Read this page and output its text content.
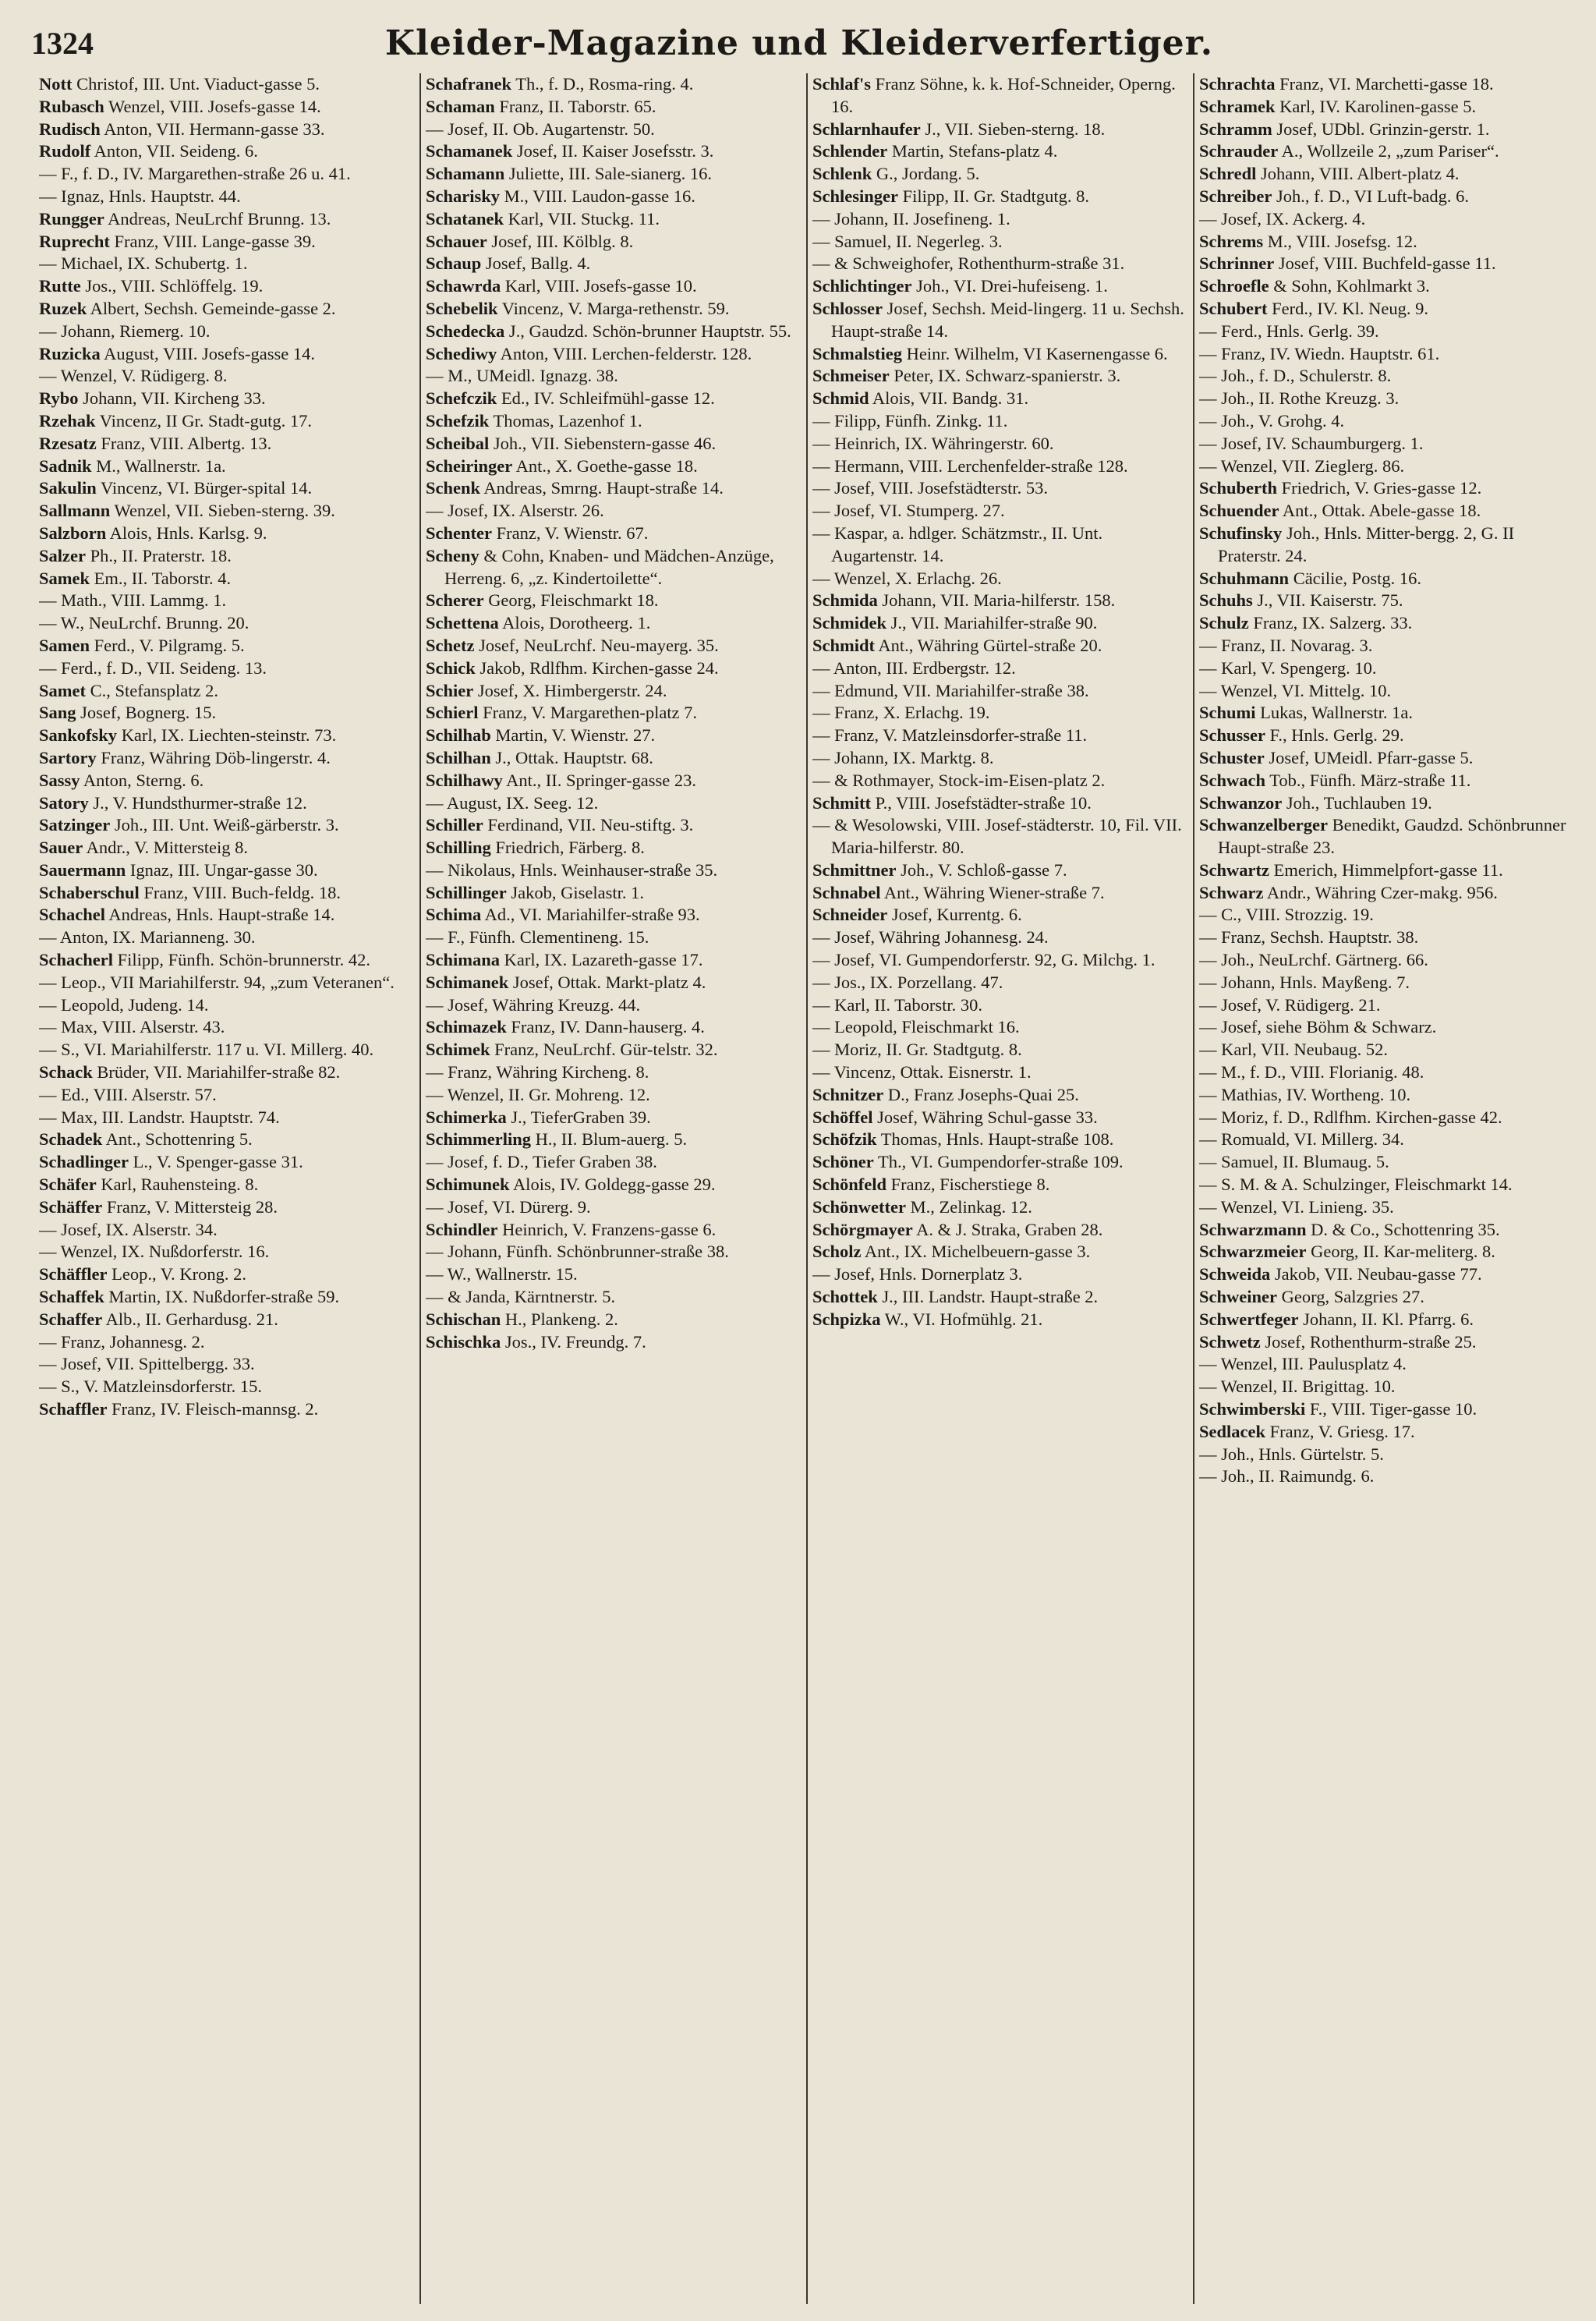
1324	Kleider-Magazine und Kleiderverfertiger.

Nott Christof, III. Unt. Viaduct-gasse 5.

Rubasch Wenzel, VIII. Josefs-gasse 14.

Rudisch Anton, VII. Hermann-gasse 33.

Rudolf Anton, VII. Seideng. 6.

— F., f. D., IV. Margarethen-straße 26 u. 41.

— Ignaz, Hnls. Hauptstr. 44.

Rungger Andreas, NeuLrchf Brunng. 13.

Ruprecht Franz, VIII. Lange-gasse 39.

— Michael, IX. Schubertg. 1.

Rutte Jos., VIII. Schlöffelg. 19.

Ruzek Albert, Sechsh. Gemeinde-gasse 2.

— Johann, Riemerg. 10.

Ruzicka August, VIII. Josefs-gasse 14.

— Wenzel, V. Rüdigerg. 8.

Rybo Johann, VII. Kircheng 33.

Rzehak Vincenz, II Gr. Stadt-gutg. 17.

Rzesatz Franz, VIII. Albertg. 13.

Sadnik M., Wallnerstr. 1a.

Sakulin Vincenz, VI. Bürger-spital 14.

Sallmann Wenzel, VII. Sieben-sterng. 39.

Salzborn Alois, Hnls. Karlsg. 9.

Salzer Ph., II. Praterstr. 18.

Samek Em., II. Taborstr. 4.

— Math., VIII. Lammg. 1.

— W., NeuLrchf. Brunng. 20.

Samen Ferd., V. Pilgramg. 5.

— Ferd., f. D., VII. Seideng. 13.

Samet C., Stefansplatz 2.

Sang Josef, Bognerg. 15.

Sankofsky Karl, IX. Liechten-steinstr. 73.

Sartory Franz, Währing Döb-lingerstr. 4.

Sassy Anton, Sterng. 6.

Satory J., V. Hundsthurmer-straße 12.

Satzinger Joh., III. Unt. Weiß-gärberstr. 3.

Sauer Andr., V. Mittersteig 8.

Sauermann Ignaz, III. Ungar-gasse 30.

Schaberschul Franz, VIII. Buch-feldg. 18.

Schachel Andreas, Hnls. Haupt-straße 14.

— Anton, IX. Marianneng. 30.

Schacherl Filipp, Fünfh. Schön-brunnerstr. 42.

— Leop., VII Mariahilferstr. 94, „zum Veteranen“.

— Leopold, Judeng. 14.

— Max, VIII. Alserstr. 43.

— S., VI. Mariahilferstr. 117 u. VI. Millerg. 40.

Schack Brüder, VII. Mariahilfer-straße 82.

— Ed., VIII. Alserstr. 57.

— Max, III. Landstr. Hauptstr. 74.

Schadek Ant., Schottenring 5.

Schadlinger L., V. Spenger-gasse 31.

Schäfer Karl, Rauhensteing. 8.

Schäffer Franz, V. Mittersteig 28.

— Josef, IX. Alserstr. 34.

— Wenzel, IX. Nußdorferstr. 16.

Schäffler Leop., V. Krong. 2.

Schaffek Martin, IX. Nußdorfer-straße 59.

Schaffer Alb., II. Gerhardusg. 21.

— Franz, Johannesg. 2.

— Josef, VII. Spittelbergg. 33.

— S., V. Matzleinsdorferstr. 15.

Schaffler Franz, IV. Fleisch-mannsg. 2.

Schafranek Th., f. D., Rosma-ring. 4.

Schaman Franz, II. Taborstr. 65.

— Josef, II. Ob. Augartenstr. 50.

Schamanek Josef, II. Kaiser Josefsstr. 3.

Schamann Juliette, III. Sale-sianerg. 16.

Scharisky M., VIII. Laudon-gasse 16.

Schatanek Karl, VII. Stuckg. 11.

Schauer Josef, III. Kölblg. 8.

Schaup Josef, Ballg. 4.

Schawrda Karl, VIII. Josefs-gasse 10.

Schebelik Vincenz, V. Marga-rethenstr. 59.

Schedecka J., Gaudzd. Schön-brunner Hauptstr. 55.

Schediwy Anton, VIII. Lerchen-felderstr. 128.

— M., UMeidl. Ignazg. 38.

Schefczik Ed., IV. Schleifmühl-gasse 12.

Schefzik Thomas, Lazenhof 1.

Scheibal Joh., VII. Siebenstern-gasse 46.

Scheiringer Ant., X. Goethe-gasse 18.

Schenk Andreas, Smrng. Haupt-straße 14.

— Josef, IX. Alserstr. 26.

Schenter Franz, V. Wienstr. 67.

Scheny & Cohn, Knaben- und Mädchen-Anzüge, Herreng. 6, „z. Kindertoilette“.

Scherer Georg, Fleischmarkt 18.

Schettena Alois, Dorotheerg. 1.

Schetz Josef, NeuLrchf. Neu-mayerg. 35.

Schick Jakob, Rdlfhm. Kirchen-gasse 24.

Schier Josef, X. Himbergerstr. 24.

Schierl Franz, V. Margarethen-platz 7.

Schilhab Martin, V. Wienstr. 27.

Schilhan J., Ottak. Hauptstr. 68.

Schilhawy Ant., II. Springer-gasse 23.

— August, IX. Seeg. 12.

Schiller Ferdinand, VII. Neu-stiftg. 3.

Schilling Friedrich, Färberg. 8.

— Nikolaus, Hnls. Weinhauser-straße 35.

Schillinger Jakob, Giselastr. 1.

Schima Ad., VI. Mariahilfer-straße 93.

— F., Fünfh. Clementineng. 15.

Schimana Karl, IX. Lazareth-gasse 17.

Schimanek Josef, Ottak. Markt-platz 4.

— Josef, Währing Kreuzg. 44.

Schimazek Franz, IV. Dann-hauserg. 4.

Schimek Franz, NeuLrchf. Gür-telstr. 32.

— Franz, Währing Kircheng. 8.

— Wenzel, II. Gr. Mohreng. 12.

Schimerka J., TieferGraben 39.

Schimmerling H., II. Blum-auerg. 5.

— Josef, f. D., Tiefer Graben 38.

Schimunek Alois, IV. Goldegg-gasse 29.

— Josef, VI. Dürerg. 9.

Schindler Heinrich, V. Franzens-gasse 6.

— Johann, Fünfh. Schönbrunner-straße 38.

— W., Wallnerstr. 15.

— & Janda, Kärntnerstr. 5.

Schischan H., Plankeng. 2.

Schischka Jos., IV. Freundg. 7.

Schlaf's Franz Söhne, k. k. Hof-Schneider, Operng. 16.

Schlarnhaufer J., VII. Sieben-sterng. 18.

Schlender Martin, Stefans-platz 4.

Schlenk G., Jordang. 5.

Schlesinger Filipp, II. Gr. Stadtgutg. 8.

— Johann, II. Josefineng. 1.

— Samuel, II. Negerleg. 3.

— & Schweighofer, Rothenthurm-straße 31.

Schlichtinger Joh., VI. Drei-hufeiseng. 1.

Schlosser Josef, Sechsh. Meid-lingerg. 11 u. Sechsh. Haupt-straße 14.

Schmalstieg Heinr. Wilhelm, VI Kasernengasse 6.

Schmeiser Peter, IX. Schwarz-spanierstr. 3.

Schmid Alois, VII. Bandg. 31.

— Filipp, Fünfh. Zinkg. 11.

— Heinrich, IX. Währingerstr. 60.

— Hermann, VIII. Lerchenfelder-straße 128.

— Josef, VIII. Josefstädterstr. 53.

— Josef, VI. Stumperg. 27.

— Kaspar, a. hdlger. Schätzmstr., II. Unt. Augartenstr. 14.

— Wenzel, X. Erlachg. 26.

Schmida Johann, VII. Maria-hilferstr. 158.

Schmidek J., VII. Mariahilfer-straße 90.

Schmidt Ant., Währing Gürtel-straße 20.

— Anton, III. Erdbergstr. 12.

— Edmund, VII. Mariahilfer-straße 38.

— Franz, X. Erlachg. 19.

— Franz, V. Matzleinsdorfer-straße 11.

— Johann, IX. Marktg. 8.

— & Rothmayer, Stock-im-Eisen-platz 2.

Schmitt P., VIII. Josefstädter-straße 10.

— & Wesolowski, VIII. Josef-städterstr. 10, Fil. VII. Maria-hilferstr. 80.

Schmittner Joh., V. Schloß-gasse 7.

Schnabel Ant., Währing Wiener-straße 7.

Schneider Josef, Kurrentg. 6.

— Josef, Währing Johannesg. 24.

— Josef, VI. Gumpendorferstr. 92, G. Milchg. 1.

— Jos., IX. Porzellang. 47.

— Karl, II. Taborstr. 30.

— Leopold, Fleischmarkt 16.

— Moriz, II. Gr. Stadtgutg. 8.

— Vincenz, Ottak. Eisnerstr. 1.

Schnitzer D., Franz Josephs-Quai 25.

Schöffel Josef, Währing Schul-gasse 33.

Schöfzik Thomas, Hnls. Haupt-straße 108.

Schöner Th., VI. Gumpendorfer-straße 109.

Schönfeld Franz, Fischerstiege 8.

Schönwetter M., Zelinkag. 12.

Schörgmayer A. & J. Straka, Graben 28.

Scholz Ant., IX. Michelbeuern-gasse 3.

— Josef, Hnls. Dornerplatz 3.

Schottek J., III. Landstr. Haupt-straße 2.

Schpizka W., VI. Hofmühlg. 21.

Schrachta Franz, VI. Marchetti-gasse 18.

Schramek Karl, IV. Karolinen-gasse 5.

Schramm Josef, UDbl. Grinzin-gerstr. 1.

Schrauder A., Wollzeile 2, „zum Pariser“.

Schredl Johann, VIII. Albert-platz 4.

Schreiber Joh., f. D., VI Luft-badg. 6.

— Josef, IX. Ackerg. 4.

Schrems M., VIII. Josefsg. 12.

Schrinner Josef, VIII. Buchfeld-gasse 11.

Schroefle & Sohn, Kohlmarkt 3.

Schubert Ferd., IV. Kl. Neug. 9.

— Ferd., Hnls. Gerlg. 39.

— Franz, IV. Wiedn. Hauptstr. 61.

— Joh., f. D., Schulerstr. 8.

— Joh., II. Rothe Kreuzg. 3.

— Joh., V. Grohg. 4.

— Josef, IV. Schaumburgerg. 1.

— Wenzel, VII. Zieglerg. 86.

Schuberth Friedrich, V. Gries-gasse 12.

Schuender Ant., Ottak. Abele-gasse 18.

Schufinsky Joh., Hnls. Mitter-bergg. 2, G. II Praterstr. 24.

Schuhmann Cäcilie, Postg. 16.

Schuhs J., VII. Kaiserstr. 75.

Schulz Franz, IX. Salzerg. 33.

— Franz, II. Novarag. 3.

— Karl, V. Spengerg. 10.

— Wenzel, VI. Mittelg. 10.

Schumi Lukas, Wallnerstr. 1a.

Schusser F., Hnls. Gerlg. 29.

Schuster Josef, UMeidl. Pfarr-gasse 5.

Schwach Tob., Fünfh. März-straße 11.

Schwanzor Joh., Tuchlauben 19.

Schwanzelberger Benedikt, Gaudzd. Schönbrunner Haupt-straße 23.

Schwartz Emerich, Himmelpfort-gasse 11.

Schwarz Andr., Währing Czer-makg. 956.

— C., VIII. Strozzig. 19.

— Franz, Sechsh. Hauptstr. 38.

— Joh., NeuLrchf. Gärtnerg. 66.

— Johann, Hnls. Mayßeng. 7.

— Josef, V. Rüdigerg. 21.

— Josef, siehe Böhm & Schwarz.

— Karl, VII. Neubaug. 52.

— M., f. D., VIII. Florianig. 48.

— Mathias, IV. Wortheng. 10.

— Moriz, f. D., Rdlfhm. Kirchen-gasse 42.

— Romuald, VI. Millerg. 34.

— Samuel, II. Blumaug. 5.

— S. M. & A. Schulzinger, Fleischmarkt 14.

— Wenzel, VI. Linieng. 35.

Schwarzmann D. & Co., Schottenring 35.

Schwarzmeier Georg, II. Kar-meliterg. 8.

Schweida Jakob, VII. Neubau-gasse 77.

Schweiner Georg, Salzgries 27.

Schwertfeger Johann, II. Kl. Pfarrg. 6.

Schwetz Josef, Rothenthurm-straße 25.

— Wenzel, III. Paulusplatz 4.

— Wenzel, II. Brigittag. 10.

Schwimberski F., VIII. Tiger-gasse 10.

Sedlacek Franz, V. Griesg. 17.

— Joh., Hnls. Gürtelstr. 5.

— Joh., II. Raimundg. 6.
